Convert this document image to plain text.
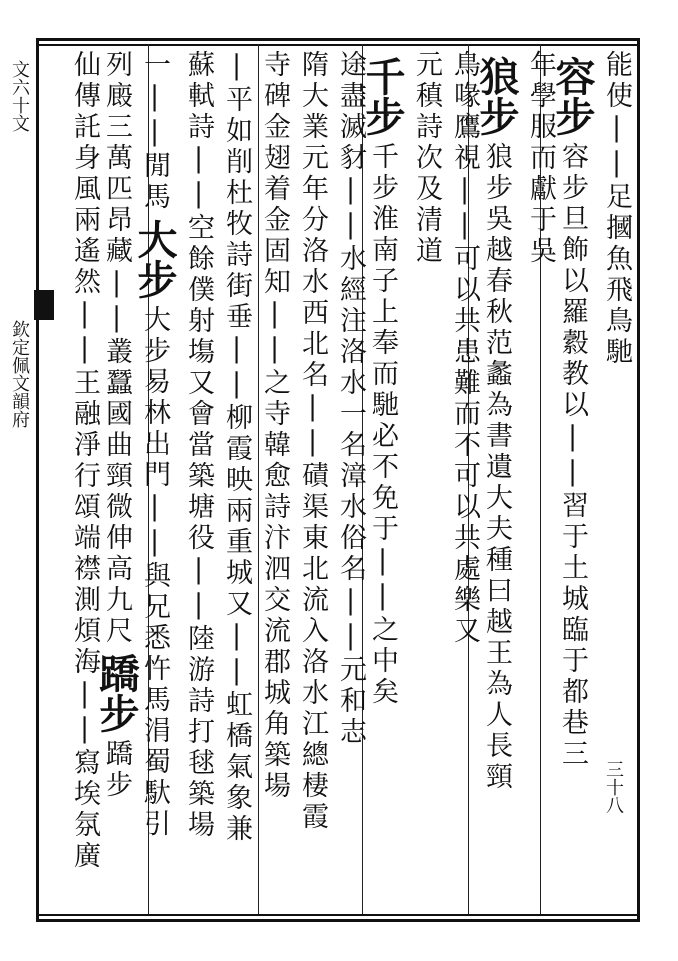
文六十文
欽定佩文韻府
能使||足摑魚飛鳥馳
容步容步旦飾以羅縠教以||習于土城臨于都巷三
年學服而獻于吳
狼步狼步吳越春秋范蠡為書遺大夫種曰越王為人長頸
鳥喙鷹視||可以共患難而不可以共處樂又
元稹詩次及清道
千步千步淮南子上奉而馳必不免于||之中矣
途盡滅豺||水經注洛水一名漳水俗名||元和志
隋大業元年分洛水西北名||磧渠東北流入洛水江總棲霞
寺碑金翅着金固知||之寺韓愈詩汴泗交流郡城角築場
|平如削杜牧詩街垂||柳霞映兩重城又||虹橋氣象兼
蘇軾詩||空餘僕射塲又會當築塘役||陸游詩打毬築場
一||閒馬大步大步易林出門||與兄悉忤馬涓蜀馱引
列廄三萬匹昂藏||叢蠶國曲頸微伸高九尺蹻步蹻步
仙傳託身風兩遙然||王融淨行頌端襟測煩海||寫埃氛廣	三十八
